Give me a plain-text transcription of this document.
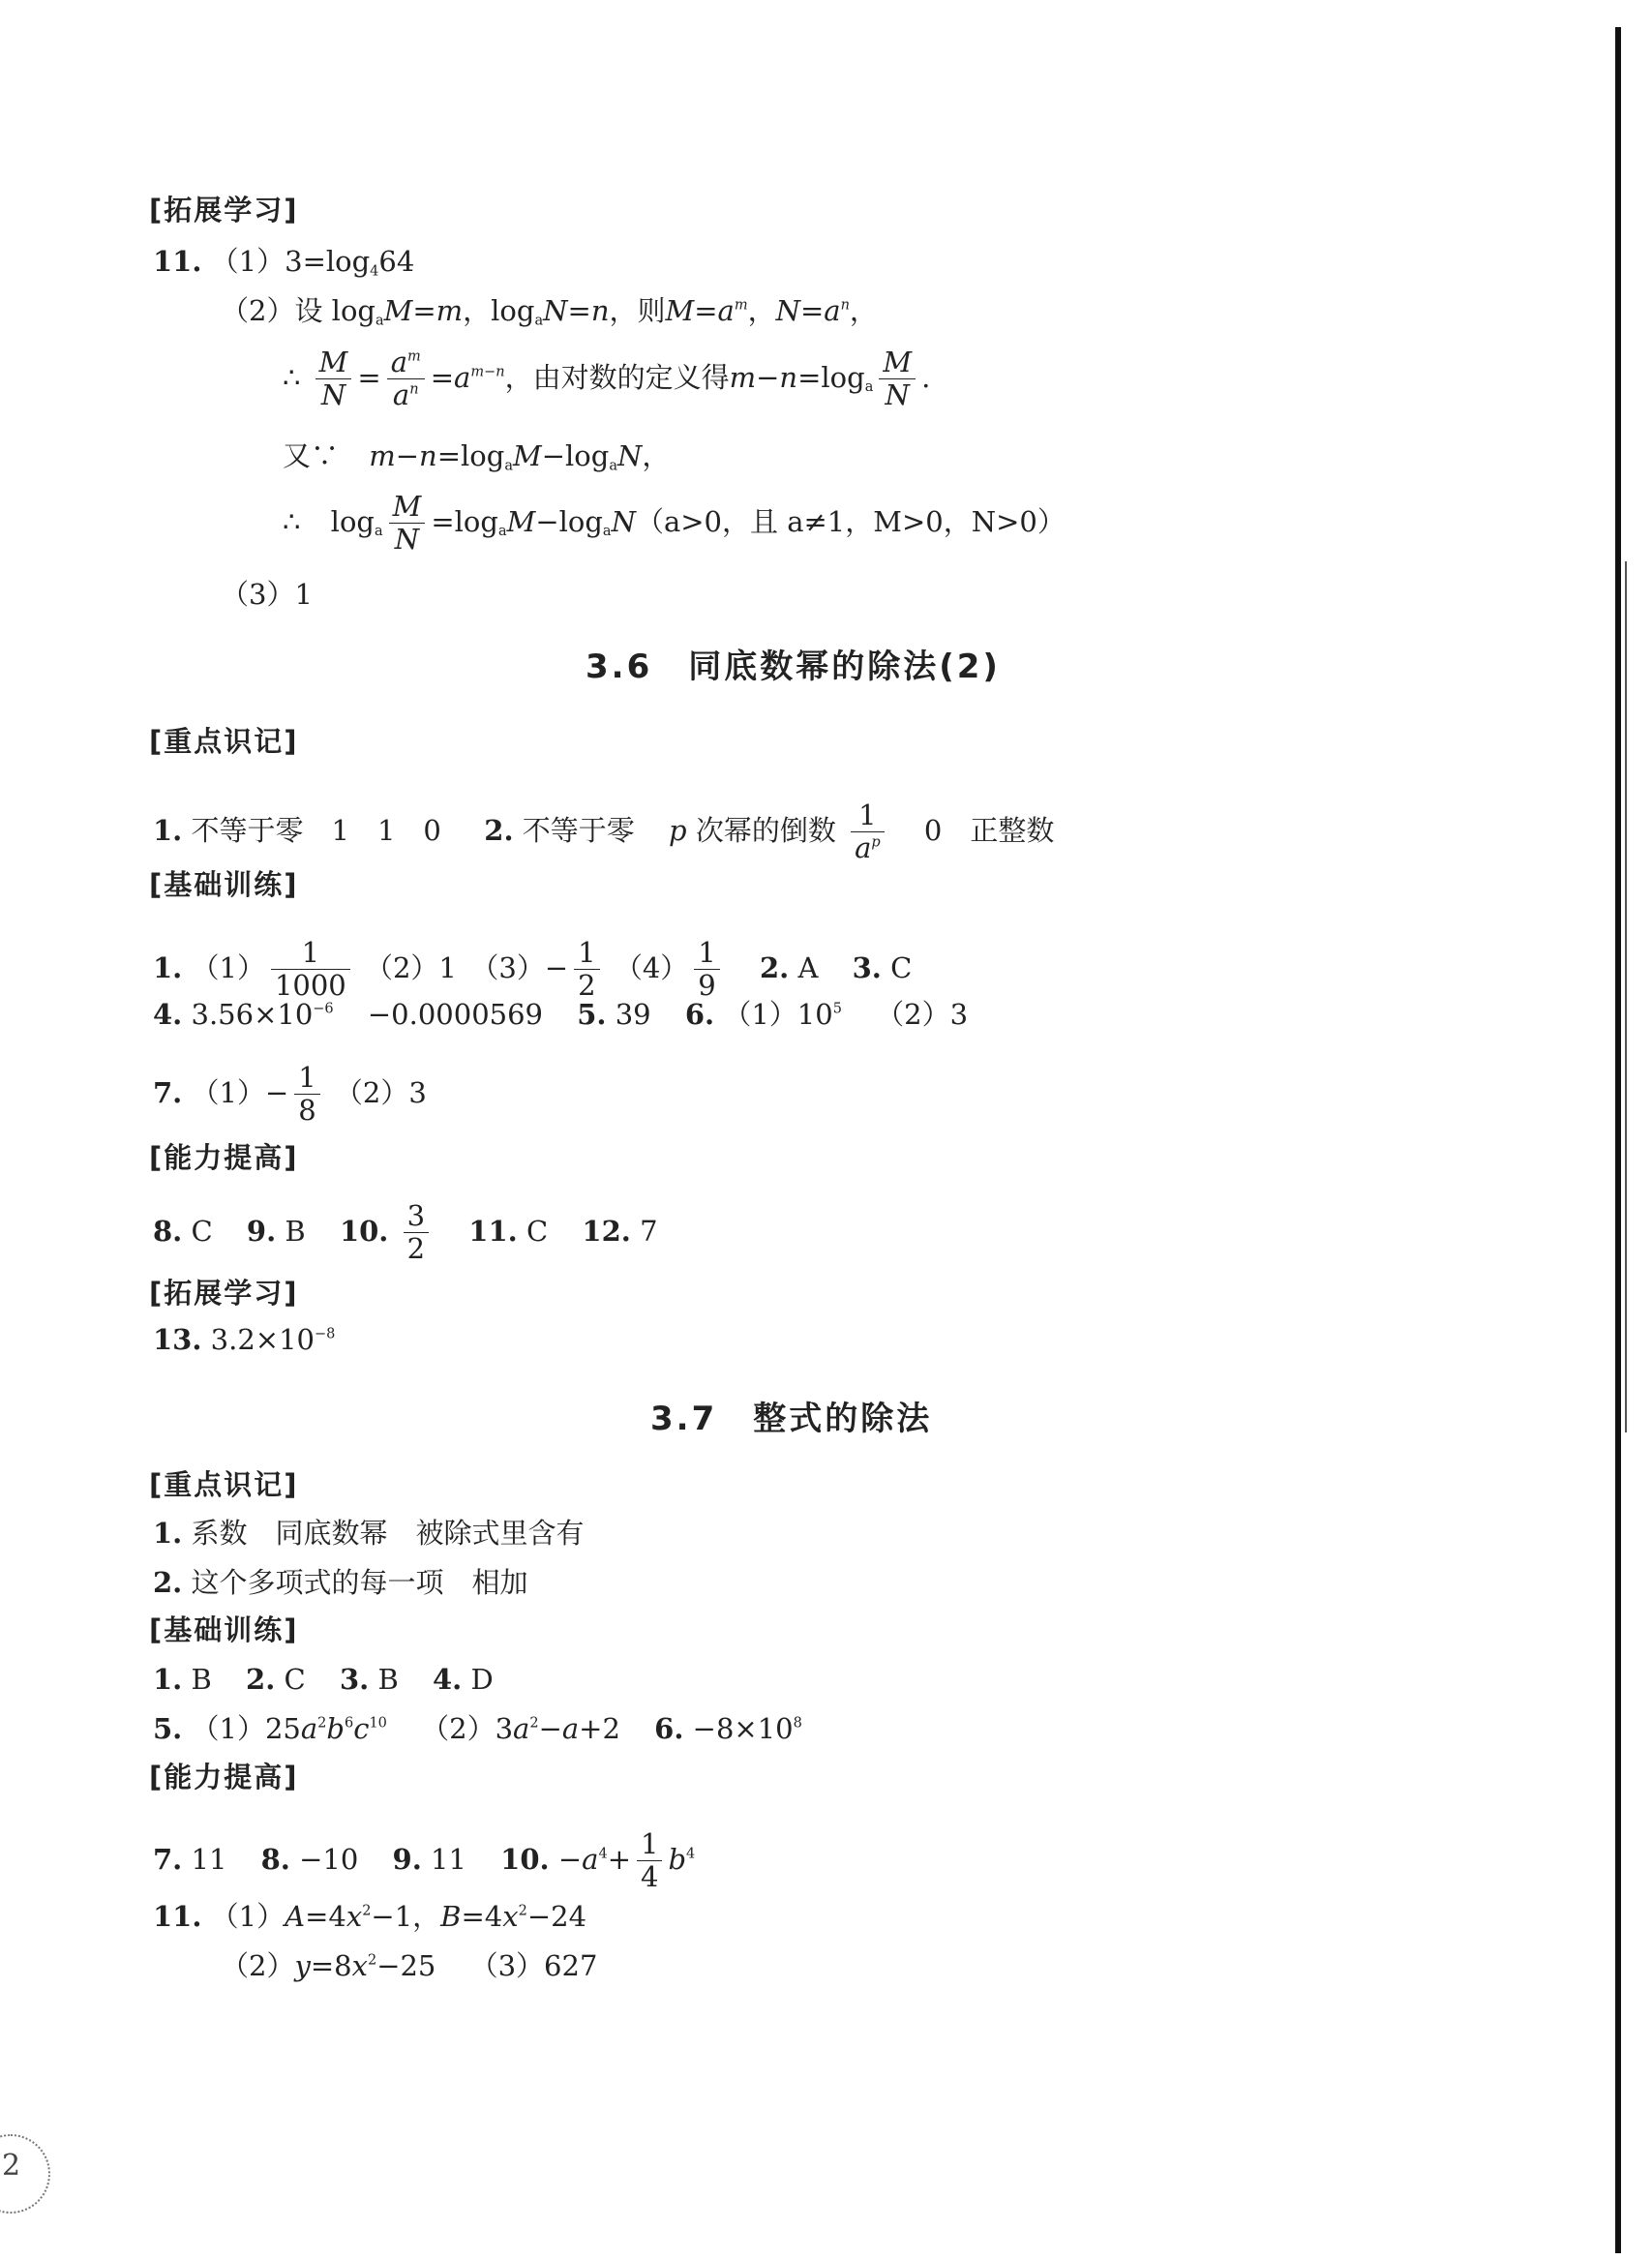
2
[拓展学习]
11. $(1)3=\log_464$
（2）设 $\log_aM=m$，$\log_aN=n$，则$M=a^m$，$N=a^n$，
∴ $\frac{M}{N} = \frac{a^m}{a^n} =a^{m-n}$，由对数的定义得$m-n=\log_a \frac{M}{N}$ .
又∵ $m-n=\log_aM-\log_aN$，
∴ $\log_a \frac{M}{N} =\log_aM-\log_aN(a>0$，且 a≠1，M>0，N>0）
（3）1
3.6　同底数幂的除法(2)
[重点识记]
1. 不等于零　1　1　0 2. 不等于零 p 次幂的倒数 $\frac{1}{a^p} 0$　正整数
[基础训练]
1. $(1) \frac{1}{1000} (2)1$　$(3)- \frac{1}{2} (4) \frac{1}{9} 2$. A 3. C
4. $3.56\times 10^{-6} -0.0000569$ 5. 39 6. $(1)10^5$ （2）3
7. $(1)- \frac{1}{8} (2)3$
[能力提高]
8. C 9. B 10. $\frac{3}{2} 11$. C 12. 7
[拓展学习]
13. $3.2\times 10^{-8}$
3.7　整式的除法
[重点识记]
1. 系数　同底数幂　被除式里含有
2. 这个多项式的每一项　相加
[基础训练]
1. B 2. C 3. B 4. D
5. $(1)25a^2b^6c^{10}$ $(2)3a^2-a+2$ 6. $-8\times 10^8$
[能力提高]
7. 11 8. −10 9. 11 10. $-a^4+ \frac{1}{4} b^4$
11. $(1)A=4x^2-1$，$B=4x^2-24$
$(2)y=8x^2-25$ （3）627
